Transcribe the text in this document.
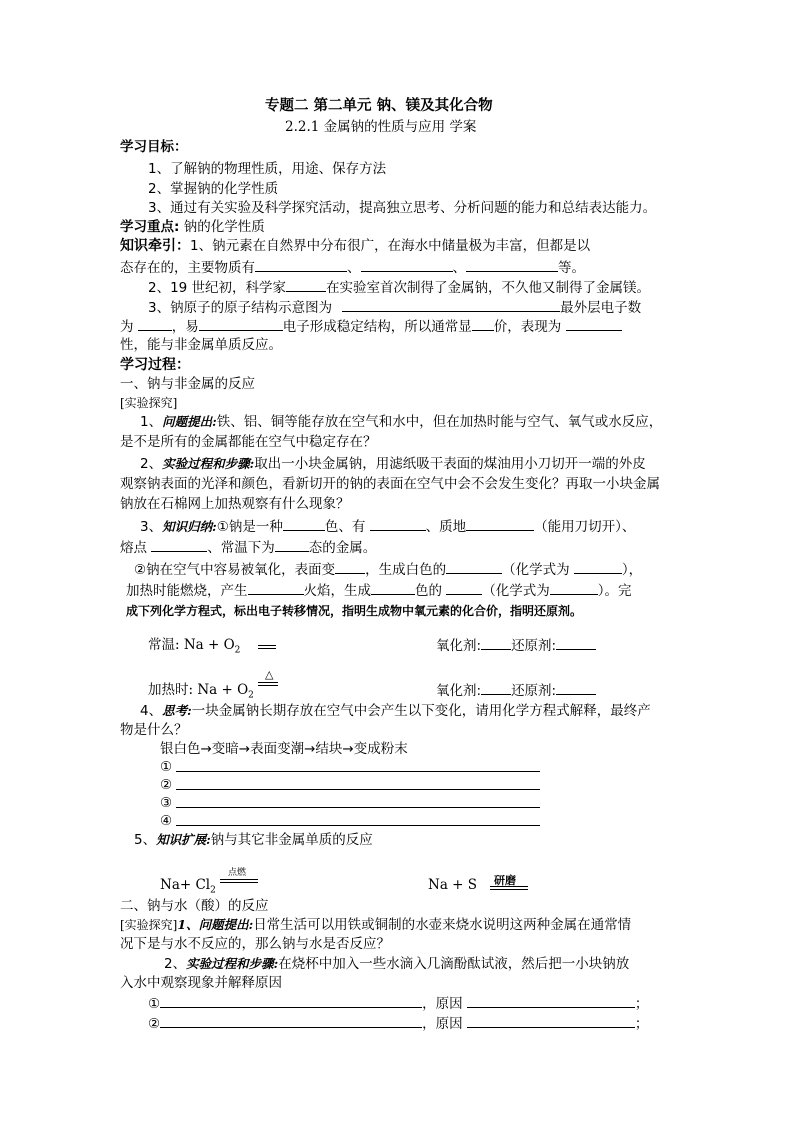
专题二 第二单元 钠、镁及其化合物
2.2.1 金属钠的性质与应用 学案
学习目标：
1、了解钠的物理性质，用途、保存方法
2、掌握钠的化学性质
3、通过有关实验及科学探究活动，提高独立思考、分析问题的能力和总结表达能力。
学习重点: 钠的化学性质
知识牵引：1、钠元素在自然界中分布很广，在海水中储量极为丰富，但都是以
态存在的，主要物质有	、	、	等。
2、19 世纪初，科学家	在实验室首次制得了金属钠，不久他又制得了金属镁。
3、钠原子的原子结构示意图为	最外层电子数
为	，易	电子形成稳定结构，所以通常显 价，表现为
性，能与非金属单质反应。
学习过程：
一、钠与非金属的反应
[实验探究]
1、问题提出:铁、铝、铜等能存放在空气和水中，但在加热时能与空气、氧气或水反应，
是不是所有的金属都能在空气中稳定存在？
2、实验过程和步骤:取出一小块金属钠，用滤纸吸干表面的煤油用小刀切开一端的外皮
观察钠表面的光泽和颜色，看新切开的钠的表面在空气中会不会发生变化？再取一小块金属
钠放在石棉网上加热观察有什么现象？
3、知识归纳:①钠是一种	色、有	、质地	（能用刀切开）、
熔点	、常温下为	态的金属。
②钠在空气中容易被氧化，表面变 ，生成白色的	（化学式为	），
加热时能燃烧，产生	火焰，生成	色的	（化学式为	）。完
成下列化学方程式，标出电子转移情况，指明生成物中氧元素的化合价，指明还原剂。
常温: $Na + O_2$	氧化剂: 还原剂:
△
加热时: $Na + O_2$	氧化剂: 还原剂:
4、思考:一块金属钠长期存放在空气中会产生以下变化，请用化学方程式解释，最终产
物是什么？
银白色→变暗→表面变潮→结块→变成粉末
①
②
③
④
5、知识扩展:钠与其它非金属单质的反应
点燃
$Na+ Cl_2$	Na + S 研磨
二、钠与水（酸）的反应
[实验探究]1、问题提出:日常生活可以用铁或铜制的水壶来烧水说明这两种金属在通常情
况下是与水不反应的，那么钠与水是否反应？
2、实验过程和步骤:在烧杯中加入一些水滴入几滴酚酞试液，然后把一小块钠放
入水中观察现象并解释原因
①	，原因	；
②	，原因	；
